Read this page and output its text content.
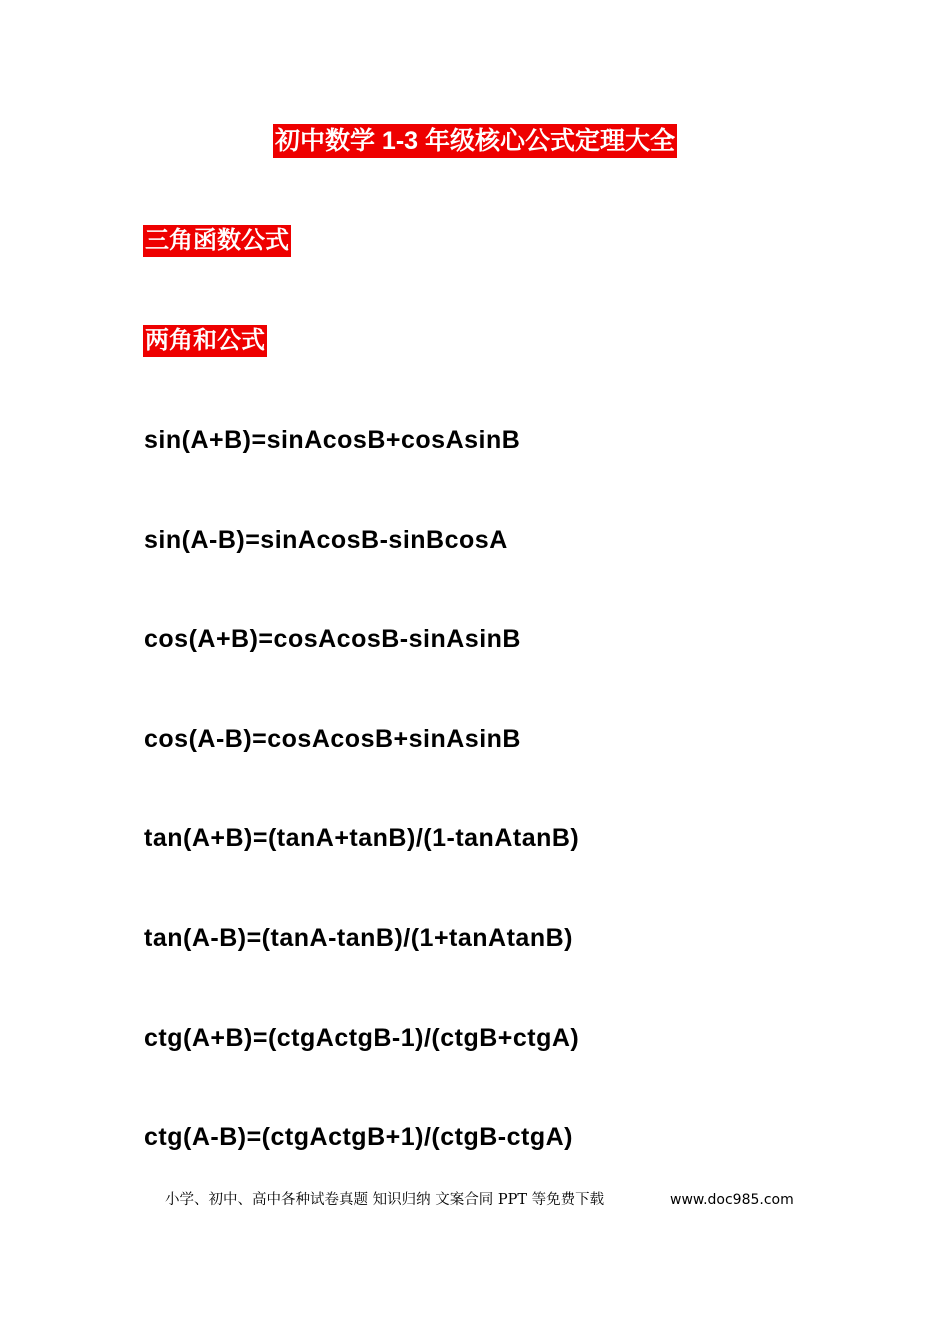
初中数学 1-3 年级核心公式定理大全
三角函数公式
两角和公式
sin(A+B)=sinAcosB+cosAsinB
sin(A-B)=sinAcosB-sinBcosA
cos(A+B)=cosAcosB-sinAsinB
cos(A-B)=cosAcosB+sinAsinB
tan(A+B)=(tanA+tanB)/(1-tanAtanB)
tan(A-B)=(tanA-tanB)/(1+tanAtanB)
ctg(A+B)=(ctgActgB-1)/(ctgB+ctgA)
ctg(A-B)=(ctgActgB+1)/(ctgB-ctgA)
小学、初中、高中各种试卷真题 知识归纳 文案合同 PPT 等免费下载	www.doc985.com
